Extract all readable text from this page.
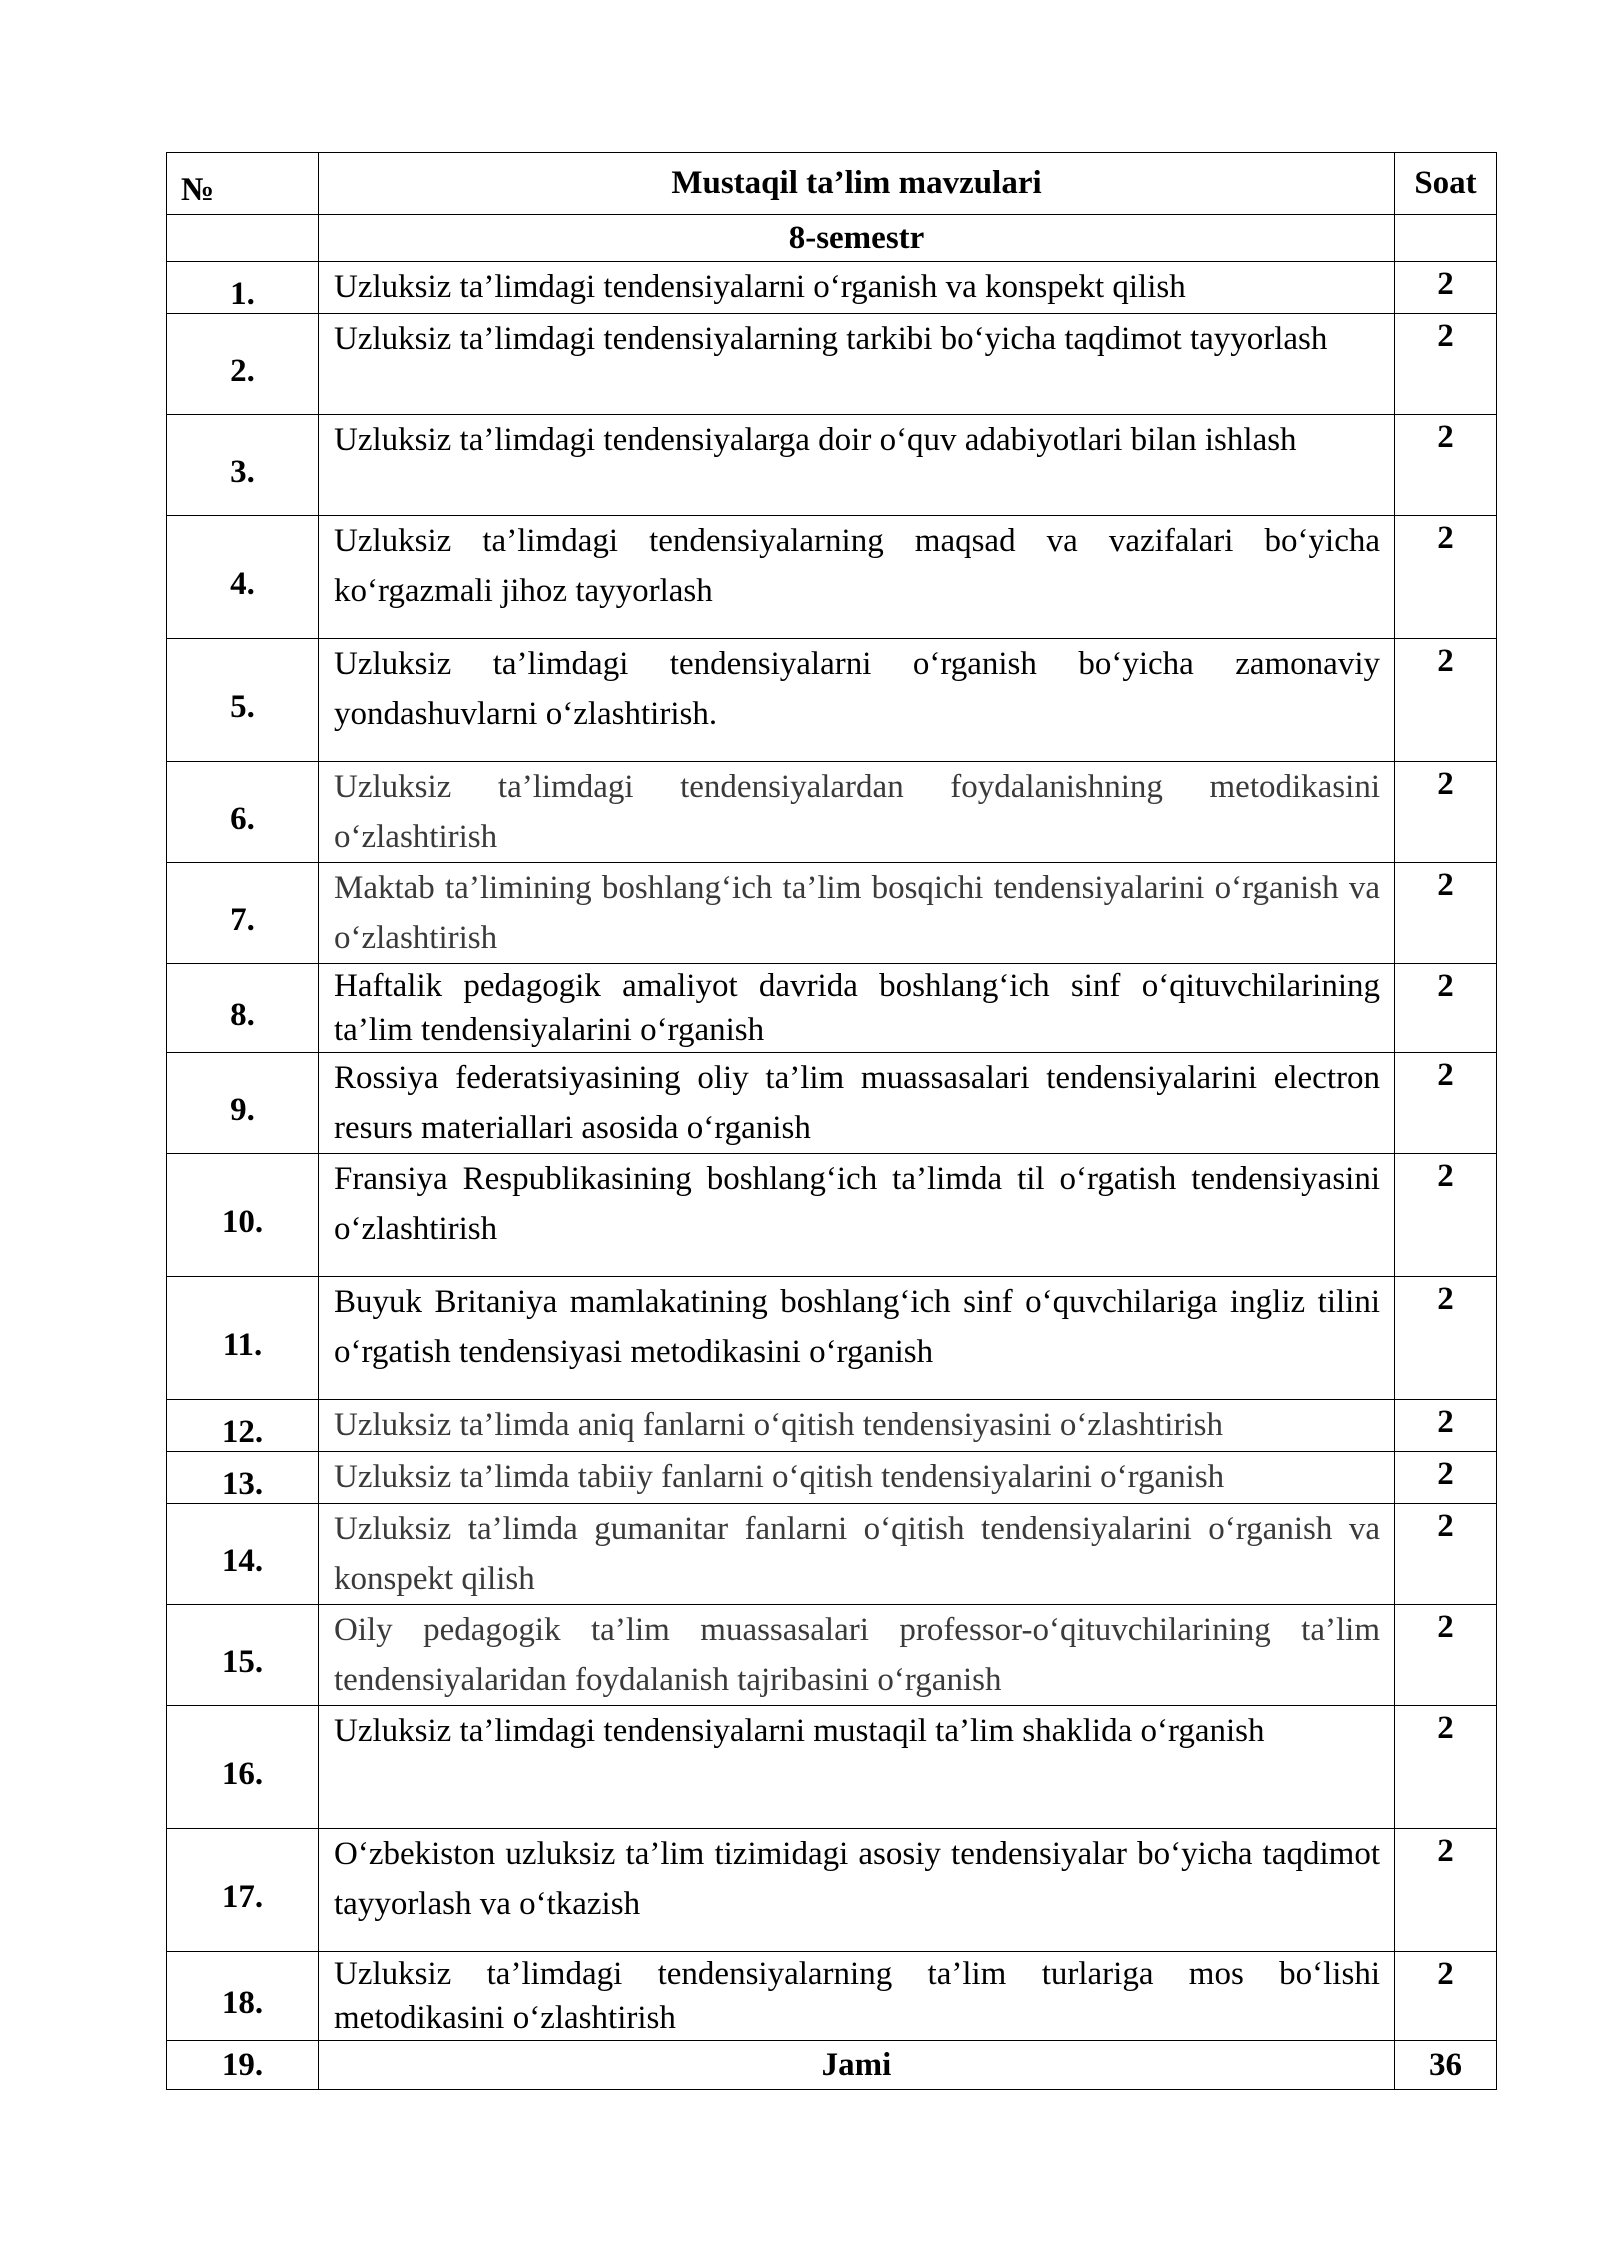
№	Mustaqil ta’lim mavzulari	Soat
	8-semestr	
1.	Uzluksiz ta’limdagi tendensiyalarni o‘rganish va konspekt qilish	2
2.	Uzluksiz ta’limdagi tendensiyalarning tarkibi bo‘yicha taqdimot tayyorlash	2
3.	Uzluksiz ta’limdagi tendensiyalarga doir o‘quv adabiyotlari bilan ishlash	2
4.	Uzluksiz ta’limdagi tendensiyalarning maqsad va vazifalari bo‘yicha ko‘rgazmali jihoz tayyorlash	2
5.	Uzluksiz ta’limdagi tendensiyalarni o‘rganish bo‘yicha zamonaviy yondashuvlarni o‘zlashtirish.	2
6.	Uzluksiz ta’limdagi tendensiyalardan foydalanishning metodikasini o‘zlashtirish	2
7.	Maktab ta’limining boshlang‘ich ta’lim bosqichi tendensiyalarini o‘rganish va o‘zlashtirish	2
8.	Haftalik pedagogik amaliyot davrida boshlang‘ich sinf o‘qituvchilarining ta’lim tendensiyalarini o‘rganish	2
9.	Rossiya federatsiyasining oliy ta’lim muassasalari tendensiyalarini electron resurs materiallari asosida o‘rganish	2
10.	Fransiya Respublikasining boshlang‘ich ta’limda til o‘rgatish tendensiyasini o‘zlashtirish	2
11.	Buyuk Britaniya mamlakatining boshlang‘ich sinf o‘quvchilariga ingliz tilini o‘rgatish tendensiyasi metodikasini o‘rganish	2
12.	Uzluksiz ta’limda aniq fanlarni o‘qitish tendensiyasini o‘zlashtirish	2
13.	Uzluksiz ta’limda tabiiy fanlarni o‘qitish tendensiyalarini o‘rganish	2
14.	Uzluksiz ta’limda gumanitar fanlarni o‘qitish tendensiyalarini o‘rganish va konspekt qilish	2
15.	Oily pedagogik ta’lim muassasalari professor-o‘qituvchilarining ta’lim tendensiyalaridan foydalanish tajribasini o‘rganish	2
16.	Uzluksiz ta’limdagi tendensiyalarni mustaqil ta’lim shaklida o‘rganish	2
17.	O‘zbekiston uzluksiz ta’lim tizimidagi asosiy tendensiyalar bo‘yicha taqdimot tayyorlash va o‘tkazish	2
18.	Uzluksiz ta’limdagi tendensiyalarning ta’lim turlariga mos bo‘lishi metodikasini o‘zlashtirish	2
19.	Jami	36
